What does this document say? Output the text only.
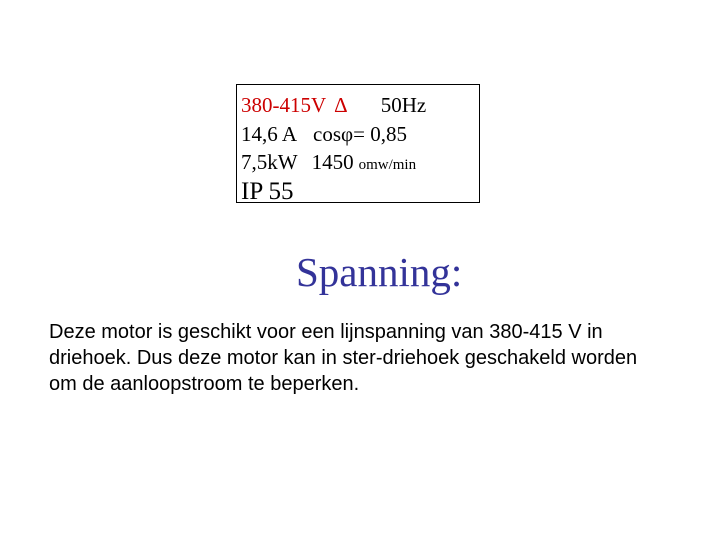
380-415V Δ 50Hz
14,6 A cosφ= 0,85
7,5kW 1450 omw/min
IP 55
Spanning:
Deze motor is geschikt voor een lijnspanning van 380-415 V in
driehoek. Dus deze motor kan in ster-driehoek geschakeld worden
om de aanloopstroom te beperken.
